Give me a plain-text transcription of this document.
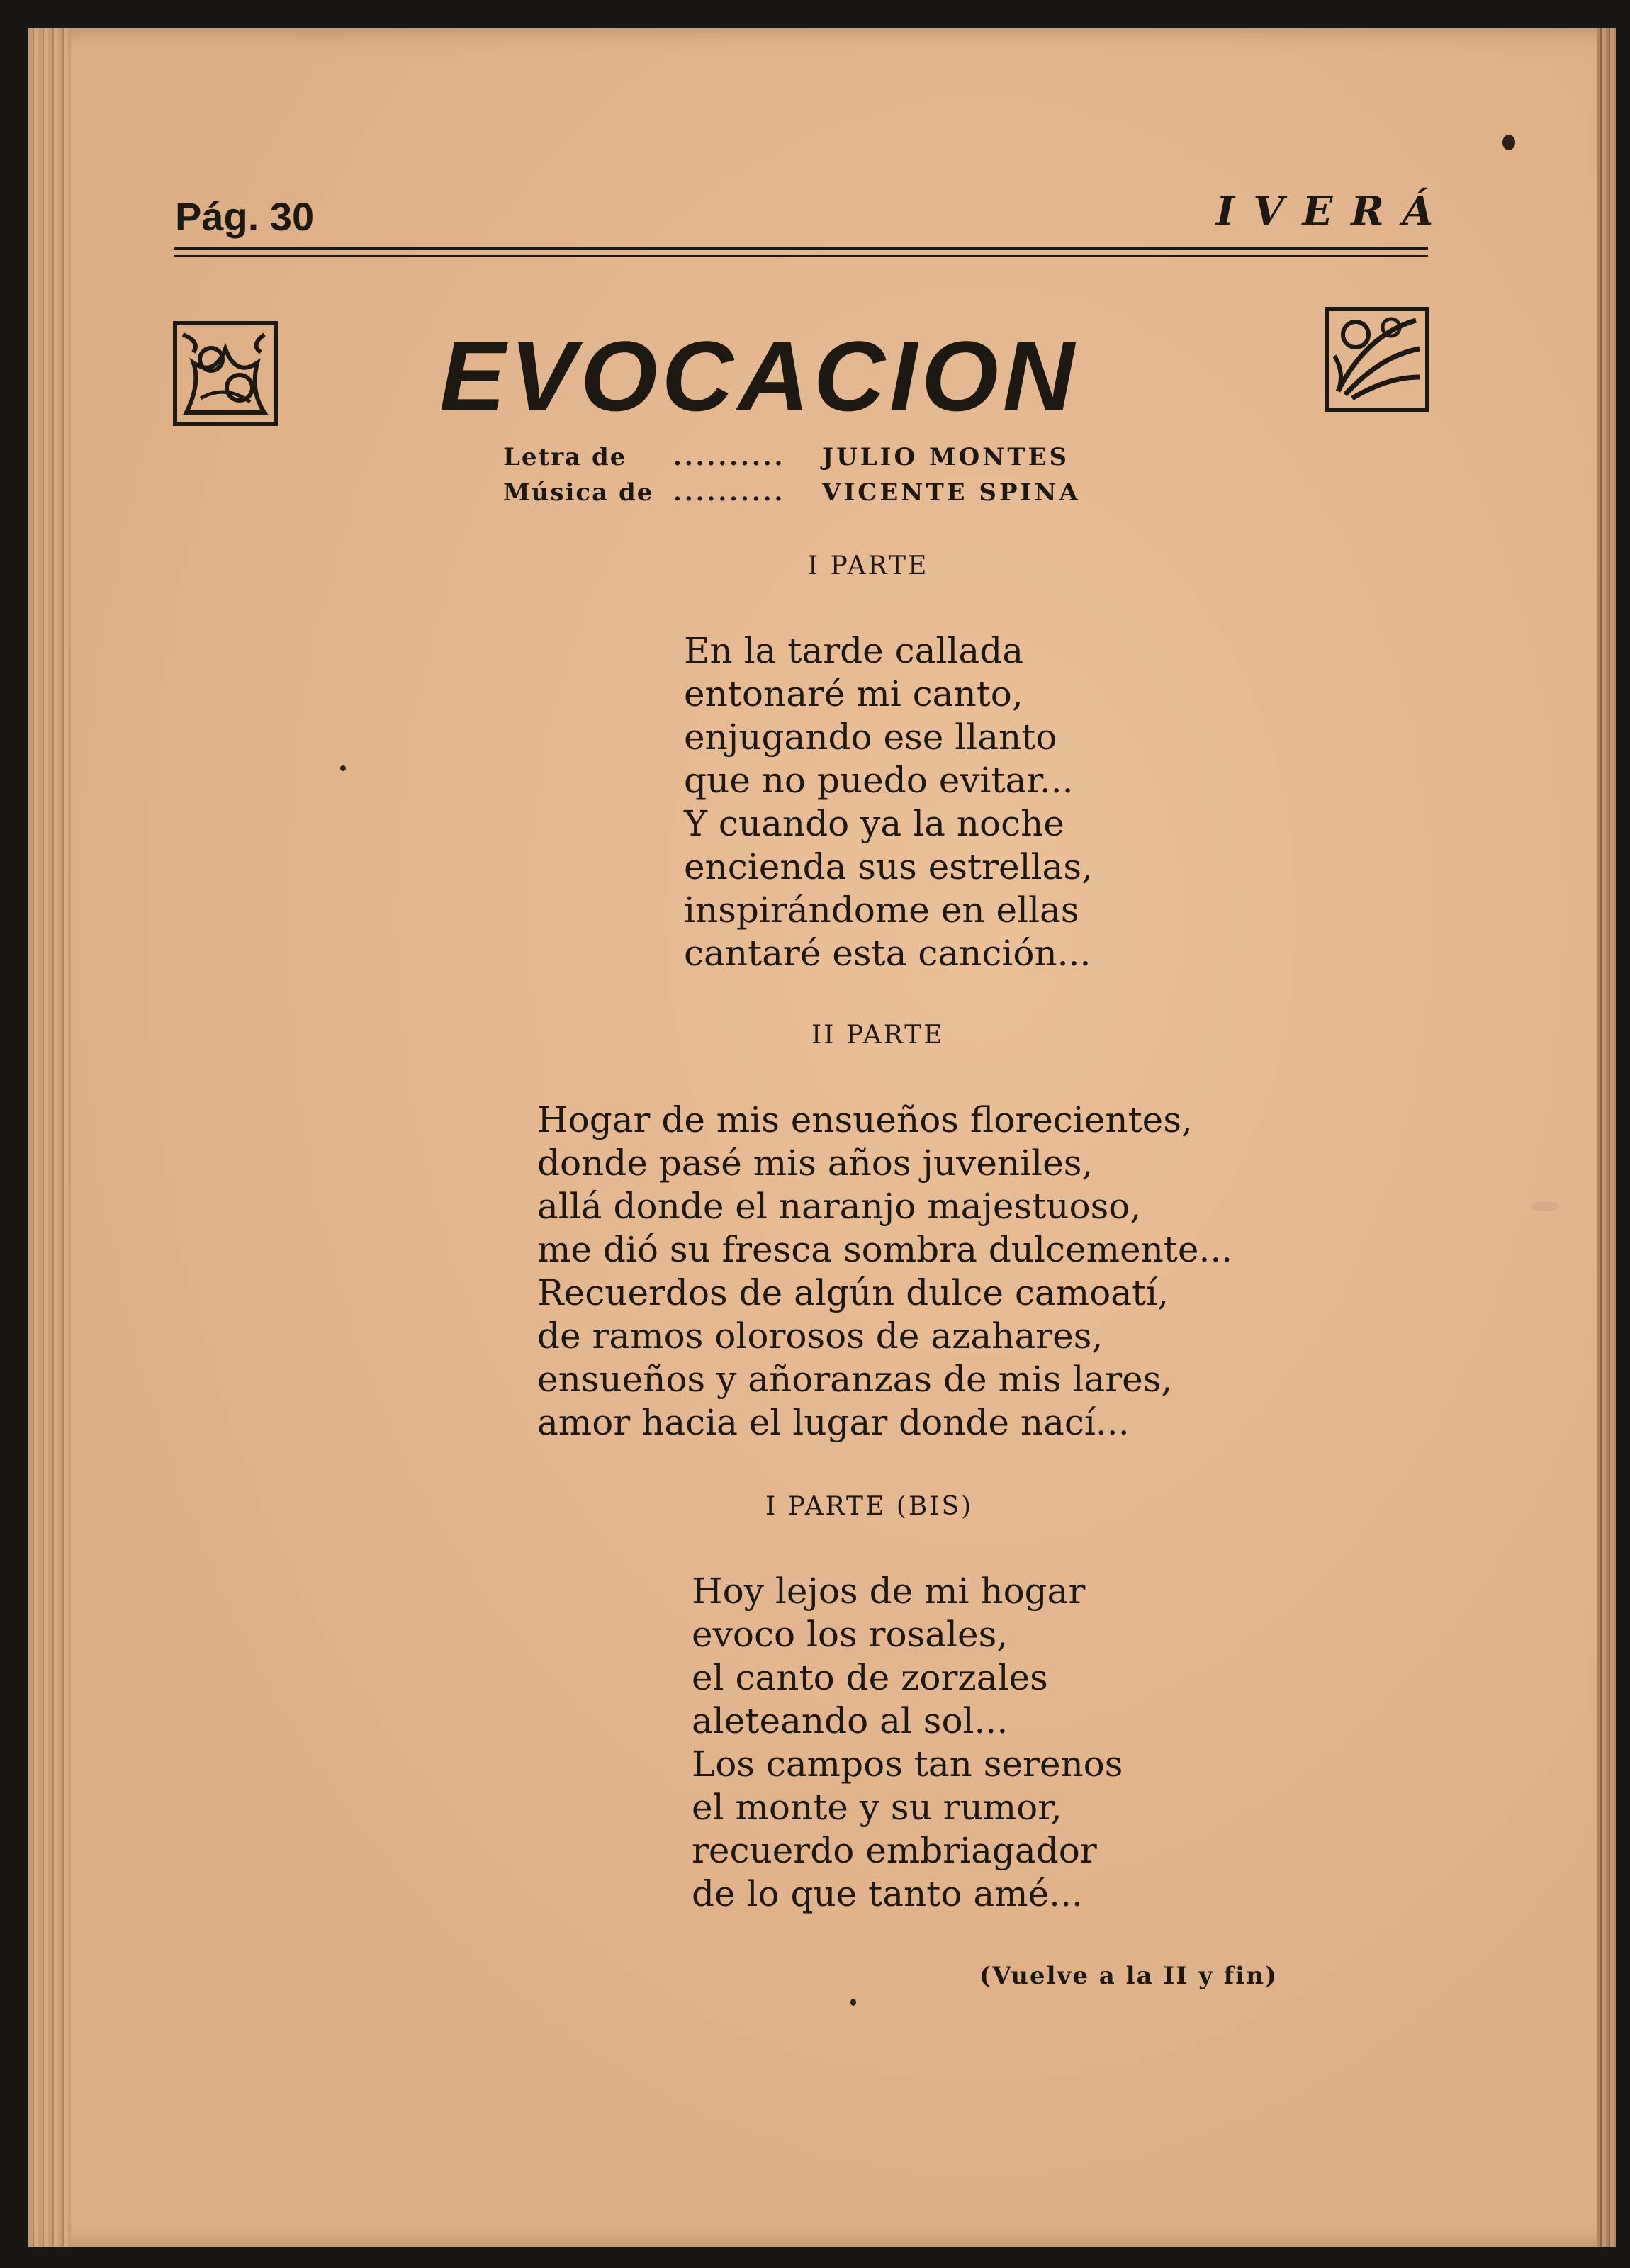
Pág. 30	IVERÁ

EVOCACION
Letra de .......... JULIO MONTES
Música de .......... VICENTE SPINA

I PARTE

En la tarde callada
entonaré mi canto,
enjugando ese llanto
que no puedo evitar...
Y cuando ya la noche
encienda sus estrellas,
inspirándome en ellas
cantaré esta canción...

II PARTE

Hogar de mis ensueños florecientes,
donde pasé mis años juveniles,
allá donde el naranjo majestuoso,
me dió su fresca sombra dulcemente...
Recuerdos de algún dulce camoatí,
de ramos olorosos de azahares,
ensueños y añoranzas de mis lares,
amor hacia el lugar donde nací...

I PARTE (BIS)

Hoy lejos de mi hogar
evoco los rosales,
el canto de zorzales
aleteando al sol...
Los campos tan serenos
el monte y su rumor,
recuerdo embriagador
de lo que tanto amé...

(Vuelve a la II y fin)
